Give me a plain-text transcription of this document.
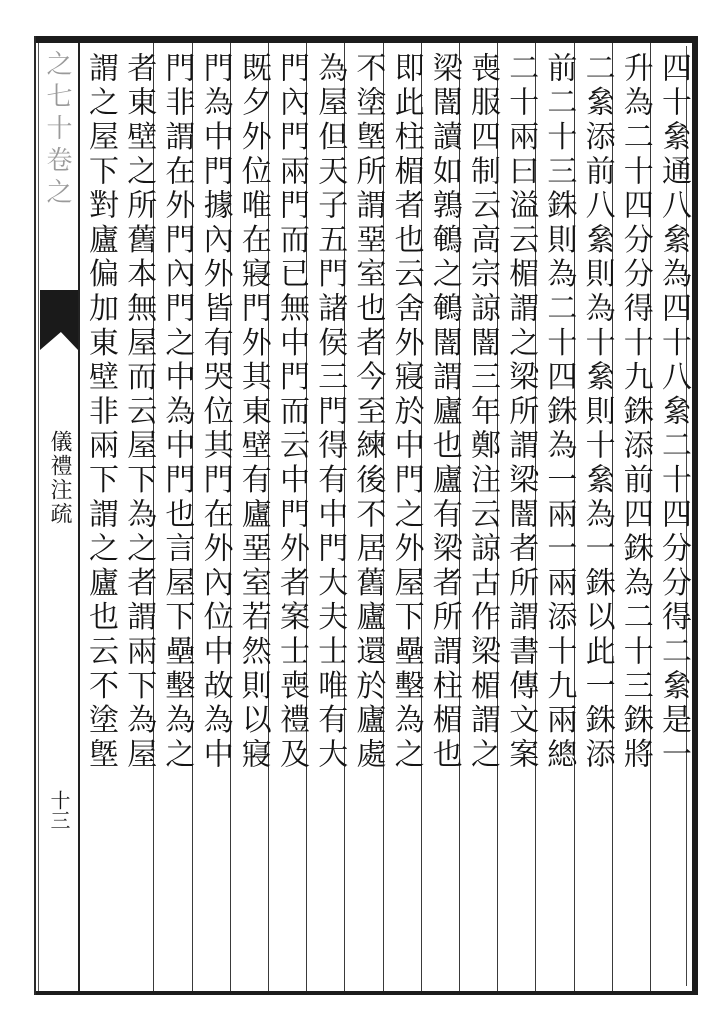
之七十卷之
儀禮注疏
十三
四十絫通八絫為四十八絫二十四分分得二絫是一
升為二十四分分得十九銖添前四銖為二十三銖將
二絫添前八絫則為十絫則十絫為一銖以此一銖添
前二十三銖則為二十四銖為一兩一兩添十九兩總
二十兩曰溢云楣謂之梁所謂梁闇者所謂書傳文案
喪服四制云高宗諒闇三年鄭注云諒古作梁楣謂之
梁闇讀如鶉鵪之鵪闇謂廬也廬有梁者所謂柱楣也
即此柱楣者也云舍外寢於中門之外屋下壘墼為之
不塗墍所謂堊室也者今至練後不居舊廬還於廬處
為屋但天子五門諸侯三門得有中門大夫士唯有大
門內門兩門而已無中門而云中門外者案士喪禮及
既夕外位唯在寢門外其東壁有廬堊室若然則以寢
門為中門據內外皆有哭位其門在外內位中故為中
門非謂在外門內門之中為中門也言屋下壘墼為之
者東壁之所舊本無屋而云屋下為之者謂兩下為屋
謂之屋下對廬偏加東壁非兩下謂之廬也云不塗墍
